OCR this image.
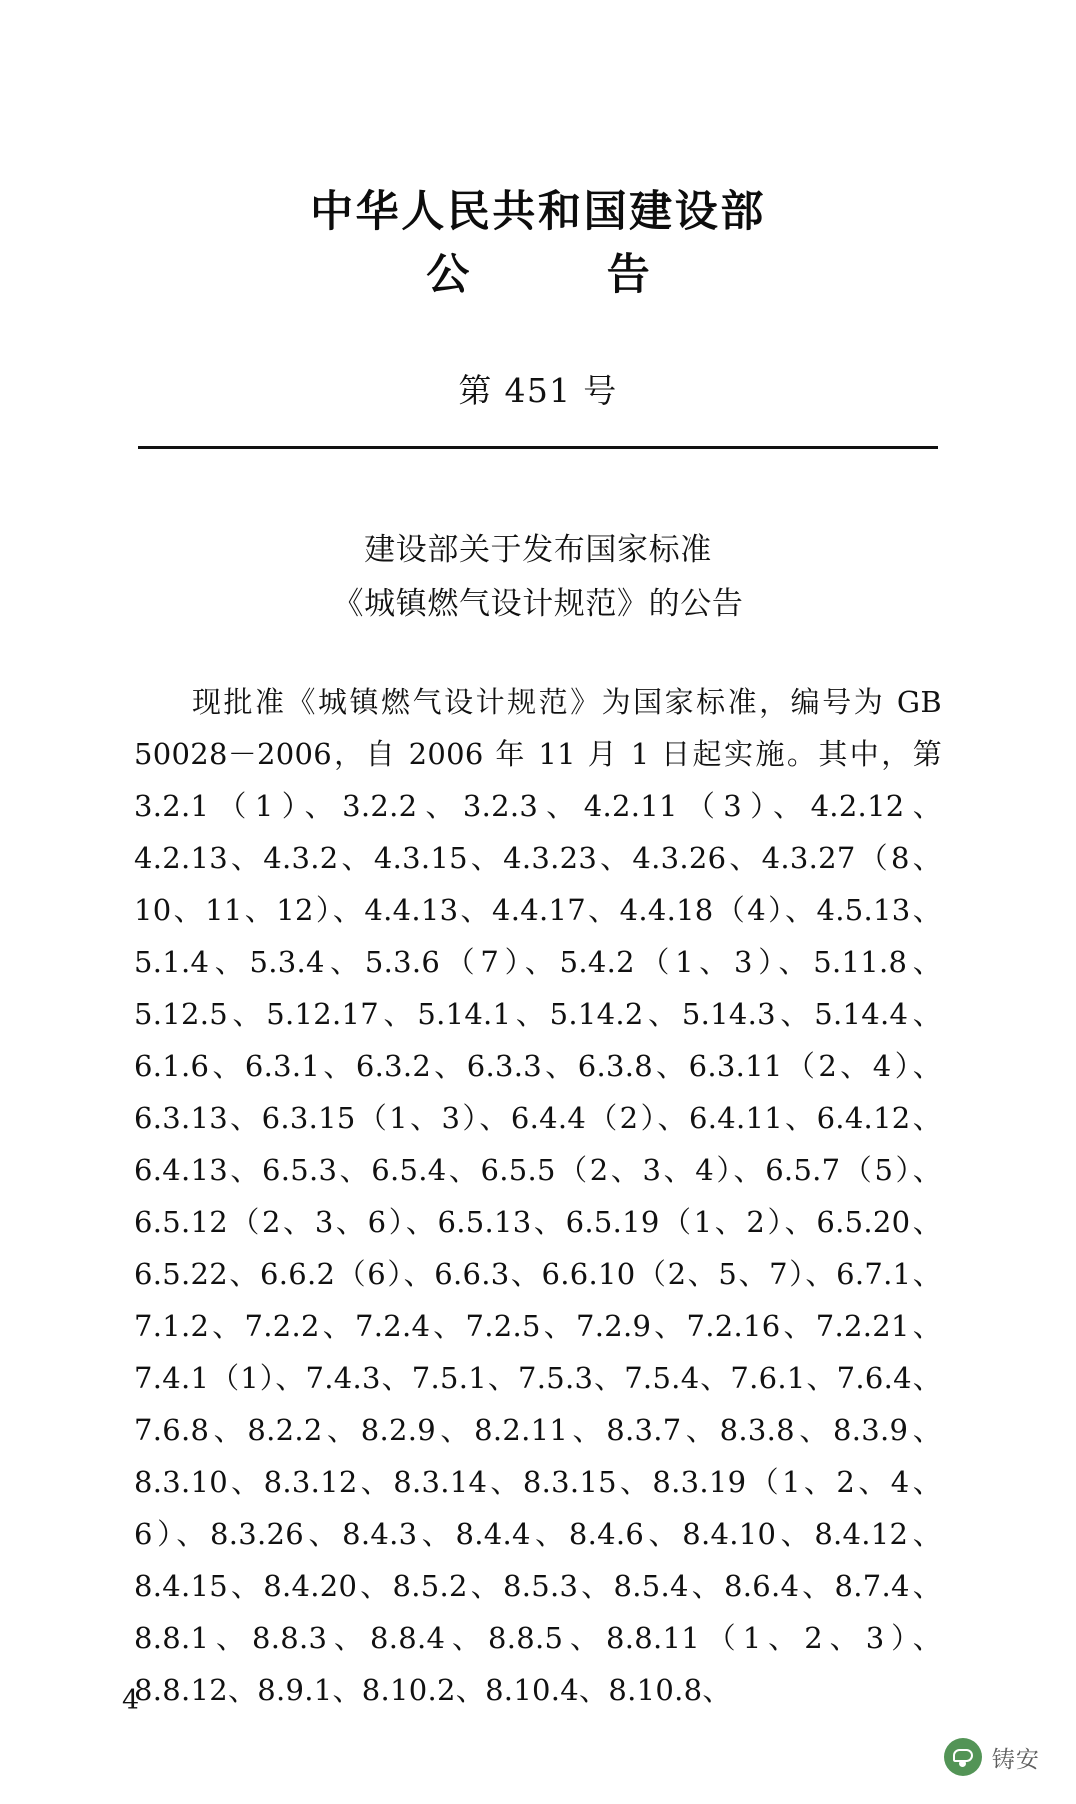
中华人民共和国建设部
公　告
第 451 号
建设部关于发布国家标准
《城镇燃气设计规范》的公告

现批准《城镇燃气设计规范》为国家标准，编号为 GB 50028－2006，自 2006 年 11 月 1 日起实施。其中，第 3.2.1（1）、3.2.2、3.2.3、4.2.11（3）、4.2.12、4.2.13、4.3.2、4.3.15、4.3.23、4.3.26、4.3.27（8、10、11、12）、4.4.13、4.4.17、4.4.18（4）、4.5.13、5.1.4、5.3.4、5.3.6（7）、5.4.2（1、3）、5.11.8、5.12.5、5.12.17、5.14.1、5.14.2、5.14.3、5.14.4、6.1.6、6.3.1、6.3.2、6.3.3、6.3.8、6.3.11（2、4）、6.3.13、6.3.15（1、3）、6.4.4（2）、6.4.11、6.4.12、6.4.13、6.5.3、6.5.4、6.5.5（2、3、4）、6.5.7（5）、6.5.12（2、3、6）、6.5.13、6.5.19（1、2）、6.5.20、6.5.22、6.6.2（6）、6.6.3、6.6.10（2、5、7）、6.7.1、7.1.2、7.2.2、7.2.4、7.2.5、7.2.9、7.2.16、7.2.21、7.4.1（1）、7.4.3、7.5.1、7.5.3、7.5.4、7.6.1、7.6.4、7.6.8、8.2.2、8.2.9、8.2.11、8.3.7、8.3.8、8.3.9、8.3.10、8.3.12、8.3.14、8.3.15、8.3.19（1、2、4、6）、8.3.26、8.4.3、8.4.4、8.4.6、8.4.10、8.4.12、8.4.15、8.4.20、8.5.2、8.5.3、8.5.4、8.6.4、8.7.4、8.8.1、8.8.3、8.8.4、8.8.5、8.8.11（1、2、3）、8.8.12、8.9.1、8.10.2、8.10.4、8.10.8、

4
铸安
